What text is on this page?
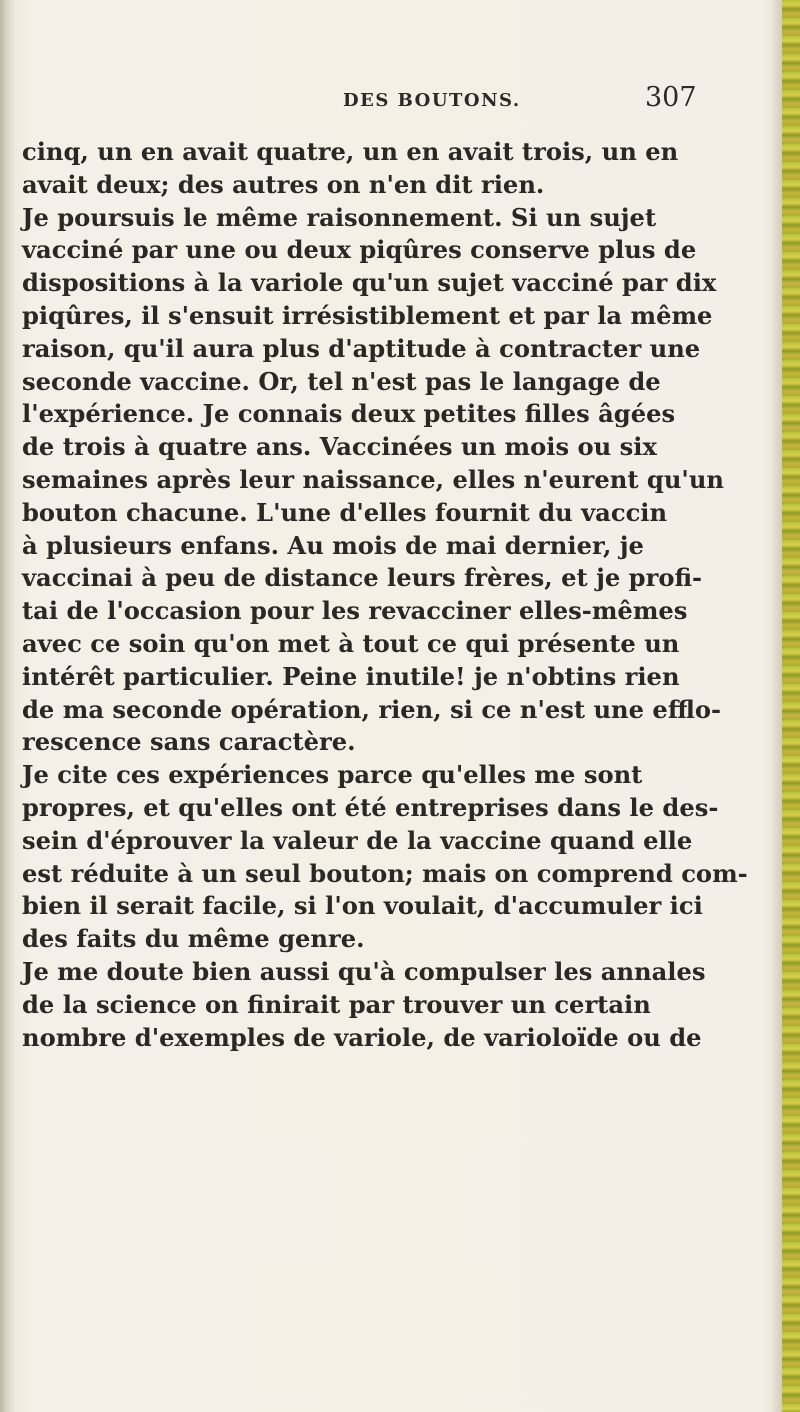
DES BOUTONS.	307
cinq, un en avait quatre, un en avait trois, un en
avait deux; des autres on n'en dit rien.
Je poursuis le même raisonnement. Si un sujet
vacciné par une ou deux piqûres conserve plus de
dispositions à la variole qu'un sujet vacciné par dix
piqûres, il s'ensuit irrésistiblement et par la même
raison, qu'il aura plus d'aptitude à contracter une
seconde vaccine. Or, tel n'est pas le langage de
l'expérience. Je connais deux petites filles âgées
de trois à quatre ans. Vaccinées un mois ou six
semaines après leur naissance, elles n'eurent qu'un
bouton chacune. L'une d'elles fournit du vaccin
à plusieurs enfans. Au mois de mai dernier, je
vaccinai à peu de distance leurs frères, et je profi-
tai de l'occasion pour les revacciner elles-mêmes
avec ce soin qu'on met à tout ce qui présente un
intérêt particulier. Peine inutile! je n'obtins rien
de ma seconde opération, rien, si ce n'est une efflo-
rescence sans caractère.
Je cite ces expériences parce qu'elles me sont
propres, et qu'elles ont été entreprises dans le des-
sein d'éprouver la valeur de la vaccine quand elle
est réduite à un seul bouton; mais on comprend com-
bien il serait facile, si l'on voulait, d'accumuler ici
des faits du même genre.
Je me doute bien aussi qu'à compulser les annales
de la science on finirait par trouver un certain
nombre d'exemples de variole, de varioloïde ou de
